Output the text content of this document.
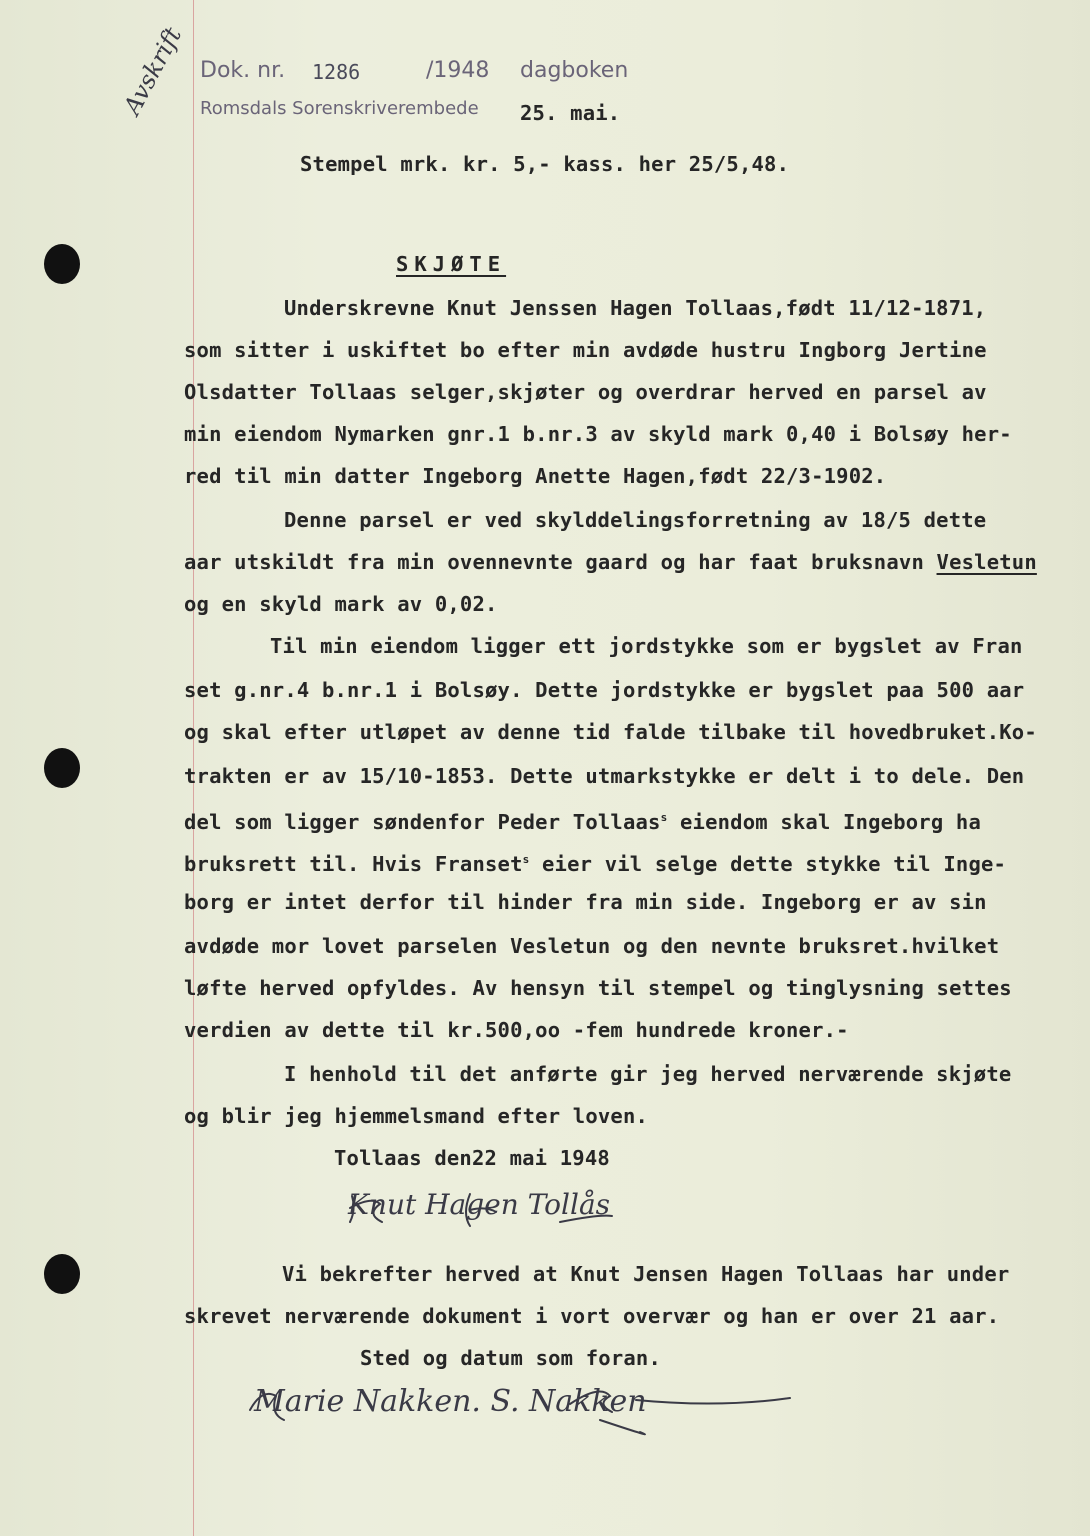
Dok. nr. 1286	/1948 dagboken
Romsdals Sorenskriverembede 25. mai.
Avskrift
Stempel mrk. kr. 5,- kass. her 25/5,48.
SKJØTE
Underskrevne Knut Jenssen Hagen Tollaas,født 11/12-1871,
som sitter i uskiftet bo efter min avdøde hustru Ingborg Jertine
Olsdatter Tollaas selger,skjøter og overdrar herved en parsel av
min eiendom Nymarken gnr.1 b.nr.3 av skyld mark 0,40 i Bolsøy her-
red til min datter Ingeborg Anette Hagen,født 22/3-1902.
Denne parsel er ved skylddelingsforretning av 18/5 dette
aar utskildt fra min ovennevnte gaard og har faat bruksnavn Vesletun
og en skyld mark av 0,02.
Til min eiendom ligger ett jordstykke som er bygslet av Fran
set g.nr.4 b.nr.1 i Bolsøy. Dette jordstykke er bygslet paa 500 aar
og skal efter utløpet av denne tid falde tilbake til hovedbruket.Ko-
trakten er av 15/10-1853. Dette utmarkstykke er delt i to dele. Den
del som ligger søndenfor Peder Tollaas$^s$ eiendom skal Ingeborg ha
bruksrett til. Hvis Franset$^s$ eier vil selge dette stykke til Inge-
borg er intet derfor til hinder fra min side. Ingeborg er av sin
avdøde mor lovet parselen Vesletun og den nevnte bruksret.hvilket
løfte herved opfyldes. Av hensyn til stempel og tinglysning settes
verdien av dette til kr.500,oo -fem hundrede kroner.-
I henhold til det anførte gir jeg herved nerværende skjøte
og blir jeg hjemmelsmand efter loven.
Tollaas den22 mai 1948
Knut Hagen Tollås
Vi bekrefter herved at Knut Jensen Hagen Tollaas har under
skrevet nerværende dokument i vort overvær og han er over 21 aar.
Sted og datum som foran.
Marie Nakken. S. Nakken
